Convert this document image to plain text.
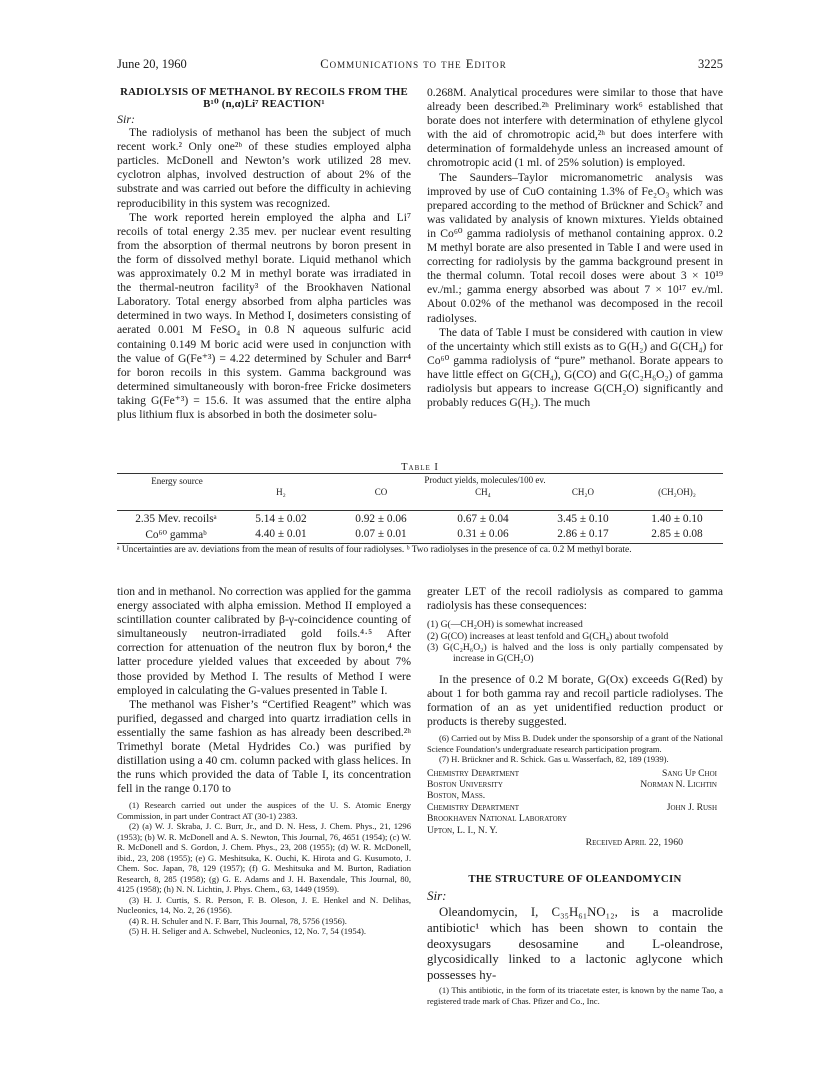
June 20, 1960	Communications to the Editor	3225
RADIOLYSIS OF METHANOL BY RECOILS FROM THE B¹⁰ (n,α)Li⁷ REACTION¹
Sir:

The radiolysis of methanol has been the subject of much recent work.² Only one²ᵇ of these studies employed alpha particles. McDonell and Newton’s work utilized 28 mev. cyclotron alphas, involved destruction of about 2% of the substrate and was carried out before the difficulty in achieving reproducibility in this system was recognized.

The work reported herein employed the alpha and Li⁷ recoils of total energy 2.35 mev. per nuclear event resulting from the absorption of thermal neutrons by boron present in the form of dissolved methyl borate. Liquid methanol which was approximately 0.2 M in methyl borate was irradiated in the thermal-neutron facility³ of the Brookhaven National Laboratory. Total energy absorbed from alpha particles was determined in two ways. In Method I, dosimeters consisting of aerated 0.001 M FeSO₄ in 0.8 N aqueous sulfuric acid containing 0.149 M boric acid were used in conjunction with the value of G(Fe⁺³) = 4.22 determined by Schuler and Barr⁴ for boron recoils in this system. Gamma background was determined simultaneously with boron-free Fricke dosimeters taking G(Fe⁺³) = 15.6. It was assumed that the entire alpha plus lithium flux is absorbed in both the dosimeter solu-

0.268M. Analytical procedures were similar to those that have already been described.²ʰ Preliminary work⁶ established that borate does not interfere with determination of ethylene glycol with the aid of chromotropic acid,²ʰ but does interfere with determination of formaldehyde unless an increased amount of chromotropic acid (1 ml. of 25% solution) is employed.

The Saunders–Taylor micromanometric analysis was improved by use of CuO containing 1.3% of Fe₂O₃ which was prepared according to the method of Brückner and Schick⁷ and was validated by analysis of known mixtures. Yields obtained in Co⁶⁰ gamma radiolysis of methanol containing approx. 0.2 M methyl borate are also presented in Table I and were used in correcting for radiolysis by the gamma background present in the thermal column. Total recoil doses were about 3 × 10¹⁹ ev./ml.; gamma energy absorbed was about 7 × 10¹⁷ ev./ml. About 0.02% of the methanol was decomposed in the recoil radiolyses.

The data of Table I must be considered with caution in view of the uncertainty which still exists as to G(H₂) and G(CH₄) for Co⁶⁰ gamma radiolysis of “pure” methanol. Borate appears to have little effect on G(CH₄), G(CO) and G(C₂H₆O₂) of gamma radiolysis but appears to increase G(CH₂O) significantly and probably reduces G(H₂). The much

Table I
Energy source	Product yields, molecules/100 ev.
H₂	CO	CH₄	CH₂O	(CH₂OH)₂
2.35 Mev. recoilsᵃ	5.14 ± 0.02	0.92 ± 0.06	0.67 ± 0.04	3.45 ± 0.10	1.40 ± 0.10
Co⁶⁰ gammaᵇ	4.40 ± 0.01	0.07 ± 0.01	0.31 ± 0.06	2.86 ± 0.17	2.85 ± 0.08
ᵃ Uncertainties are av. deviations from the mean of results of four radiolyses. ᵇ Two radiolyses in the presence of ca. 0.2 M methyl borate.

tion and in methanol. No correction was applied for the gamma energy associated with alpha emission. Method II employed a scintillation counter calibrated by β-γ-coincidence counting of simultaneously neutron-irradiated gold foils.⁴·⁵ After correction for attenuation of the neutron flux by boron,⁴ the latter procedure yielded values that exceeded by about 7% those provided by Method I. The results of Method I were employed in calculating the G-values presented in Table I.

The methanol was Fisher’s “Certified Reagent” which was purified, degassed and charged into quartz irradiation cells in essentially the same fashion as has already been described.²ʰ Trimethyl borate (Metal Hydrides Co.) was purified by distillation using a 40 cm. column packed with glass helices. In the runs which provided the data of Table I, its concentration fell in the range 0.170 to

(1) Research carried out under the auspices of the U. S. Atomic Energy Commission, in part under Contract AT (30-1) 2383.

(2) (a) W. J. Skraba, J. C. Burr, Jr., and D. N. Hess, J. Chem. Phys., 21, 1296 (1953); (b) W. R. McDonell and A. S. Newton, This Journal, 76, 4651 (1954); (c) W. R. McDonell and S. Gordon, J. Chem. Phys., 23, 208 (1955); (d) W. R. McDonell, ibid., 23, 208 (1955); (e) G. Meshitsuka, K. Ouchi, K. Hirota and G. Kusumoto, J. Chem. Soc. Japan, 78, 129 (1957); (f) G. Meshitsuka and M. Burton, Radiation Research, 8, 285 (1958); (g) G. E. Adams and J. H. Baxendale, This Journal, 80, 4125 (1958); (h) N. N. Lichtin, J. Phys. Chem., 63, 1449 (1959).

(3) H. J. Curtis, S. R. Person, F. B. Oleson, J. E. Henkel and N. Delihas, Nucleonics, 14, No. 2, 26 (1956).

(4) R. H. Schuler and N. F. Barr, This Journal, 78, 5756 (1956).

(5) H. H. Seliger and A. Schwebel, Nucleonics, 12, No. 7, 54 (1954).

greater LET of the recoil radiolysis as compared to gamma radiolysis has these consequences:

(1) G(—CH₂OH) is somewhat increased
(2) G(CO) increases at least tenfold and G(CH₄) about twofold
(3) G(C₂H₆O₂) is halved and the loss is only partially compensated by increase in G(CH₂O)

In the presence of 0.2 M borate, G(Ox) exceeds G(Red) by about 1 for both gamma ray and recoil particle radiolyses. The formation of an as yet unidentified reduction product or products is thereby suggested.

(6) Carried out by Miss B. Dudek under the sponsorship of a grant of the National Science Foundation’s undergraduate research participation program.

(7) H. Brückner and R. Schick. Gas u. Wasserfach, 82, 189 (1939).

Chemistry Department	Sang Up Choi
Boston University	Norman N. Lichtin
Boston, Mass.
Chemistry Department	John J. Rush
Brookhaven National Laboratory
Upton, L. I., N. Y.
Received April 22, 1960
THE STRUCTURE OF OLEANDOMYCIN
Sir:

Oleandomycin, I, C₃₅H₆₁NO₁₂, is a macrolide antibiotic¹ which has been shown to contain the deoxysugars desosamine and L-oleandrose, glycosidically linked to a lactonic aglycone which possesses hy-

(1) This antibiotic, in the form of its triacetate ester, is known by the name Tao, a registered trade mark of Chas. Pfizer and Co., Inc.
